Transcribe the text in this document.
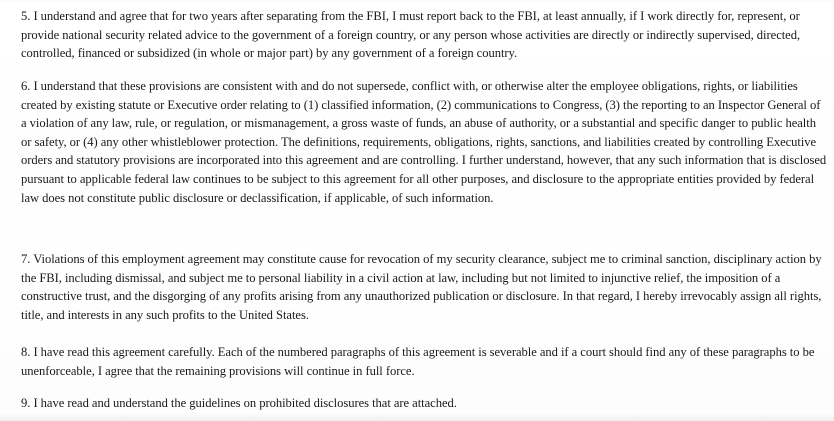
5. I understand and agree that for two years after separating from the FBI, I must report back to the FBI, at least annually, if I work directly for, represent, or provide national security related advice to the government of a foreign country, or any person whose activities are directly or indirectly supervised, directed, controlled, financed or subsidized (in whole or major part) by any government of a foreign country.

6. I understand that these provisions are consistent with and do not supersede, conflict with, or otherwise alter the employee obligations, rights, or liabilities created by existing statute or Executive order relating to (1) classified information, (2) communications to Congress, (3) the reporting to an Inspector General of a violation of any law, rule, or regulation, or mismanagement, a gross waste of funds, an abuse of authority, or a substantial and specific danger to public health or safety, or (4) any other whistleblower protection. The definitions, requirements, obligations, rights, sanctions, and liabilities created by controlling Executive orders and statutory provisions are incorporated into this agreement and are controlling. I further understand, however, that any such information that is disclosed pursuant to applicable federal law continues to be subject to this agreement for all other purposes, and disclosure to the appropriate entities provided by federal law does not constitute public disclosure or declassification, if applicable, of such information.

7. Violations of this employment agreement may constitute cause for revocation of my security clearance, subject me to criminal sanction, disciplinary action by the FBI, including dismissal, and subject me to personal liability in a civil action at law, including but not limited to injunctive relief, the imposition of a constructive trust, and the disgorging of any profits arising from any unauthorized publication or disclosure. In that regard, I hereby irrevocably assign all rights, title, and interests in any such profits to the United States.

8. I have read this agreement carefully. Each of the numbered paragraphs of this agreement is severable and if a court should find any of these paragraphs to be unenforceable, I agree that the remaining provisions will continue in full force.

9. I have read and understand the guidelines on prohibited disclosures that are attached.
